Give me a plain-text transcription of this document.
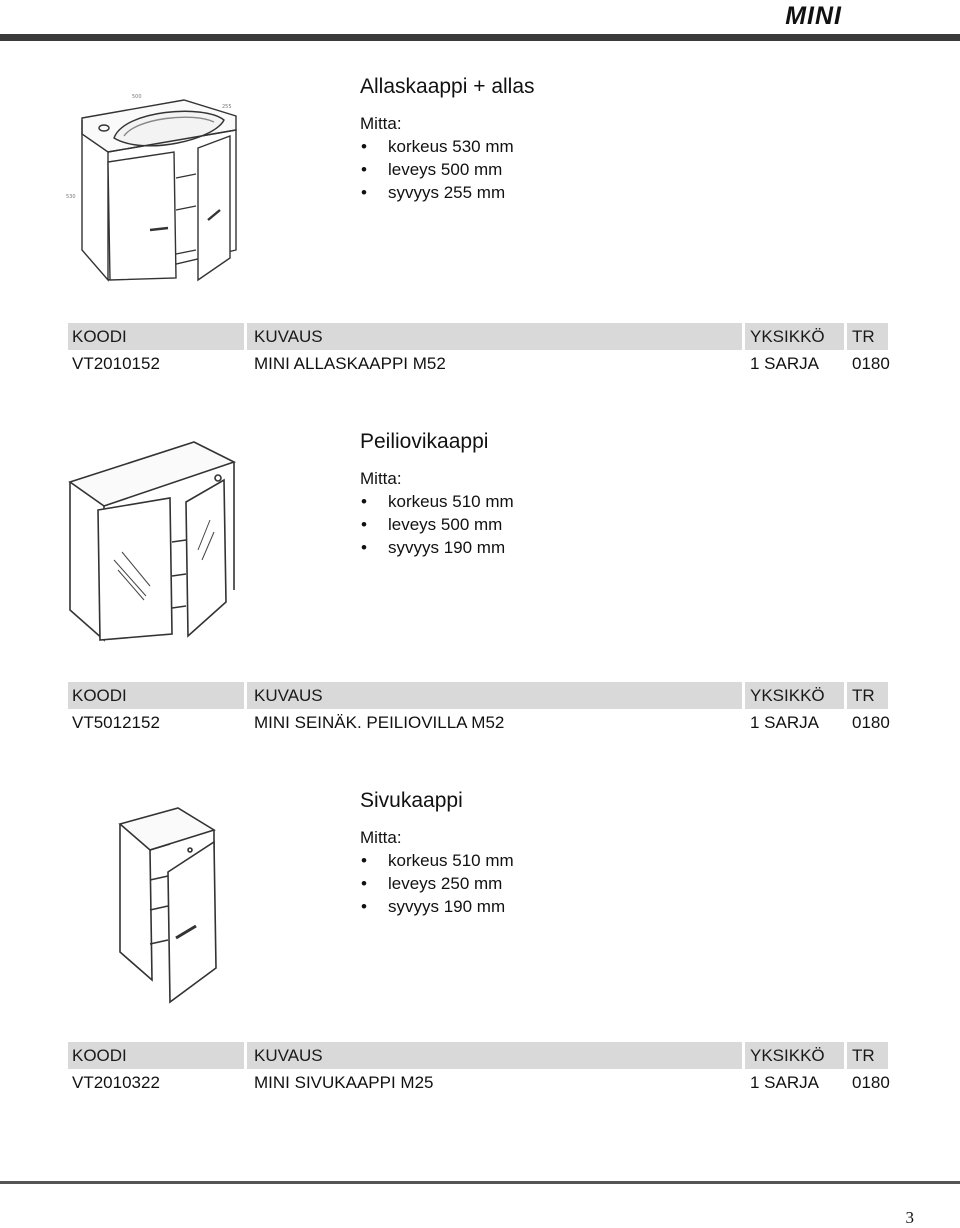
MINI
500
255
530
Allaskaappi + allas
Mitta:
• korkeus 530 mm
• leveys 500 mm
• syvyys 255 mm
KOODI	KUVAUS	YKSIKKÖ TR
VT2010152	MINI ALLASKAAPPI M52	1 SARJA 0180
Peiliovikaappi
Mitta:
• korkeus 510 mm
• leveys 500 mm
• syvyys 190 mm
KOODI	KUVAUS	YKSIKKÖ TR
VT5012152	MINI SEINÄK. PEILIOVILLA M52	1 SARJA 0180
Sivukaappi
Mitta:
• korkeus 510 mm
• leveys 250 mm
• syvyys 190 mm
KOODI	KUVAUS	YKSIKKÖ TR
VT2010322	MINI SIVUKAAPPI M25	1 SARJA 0180
3
